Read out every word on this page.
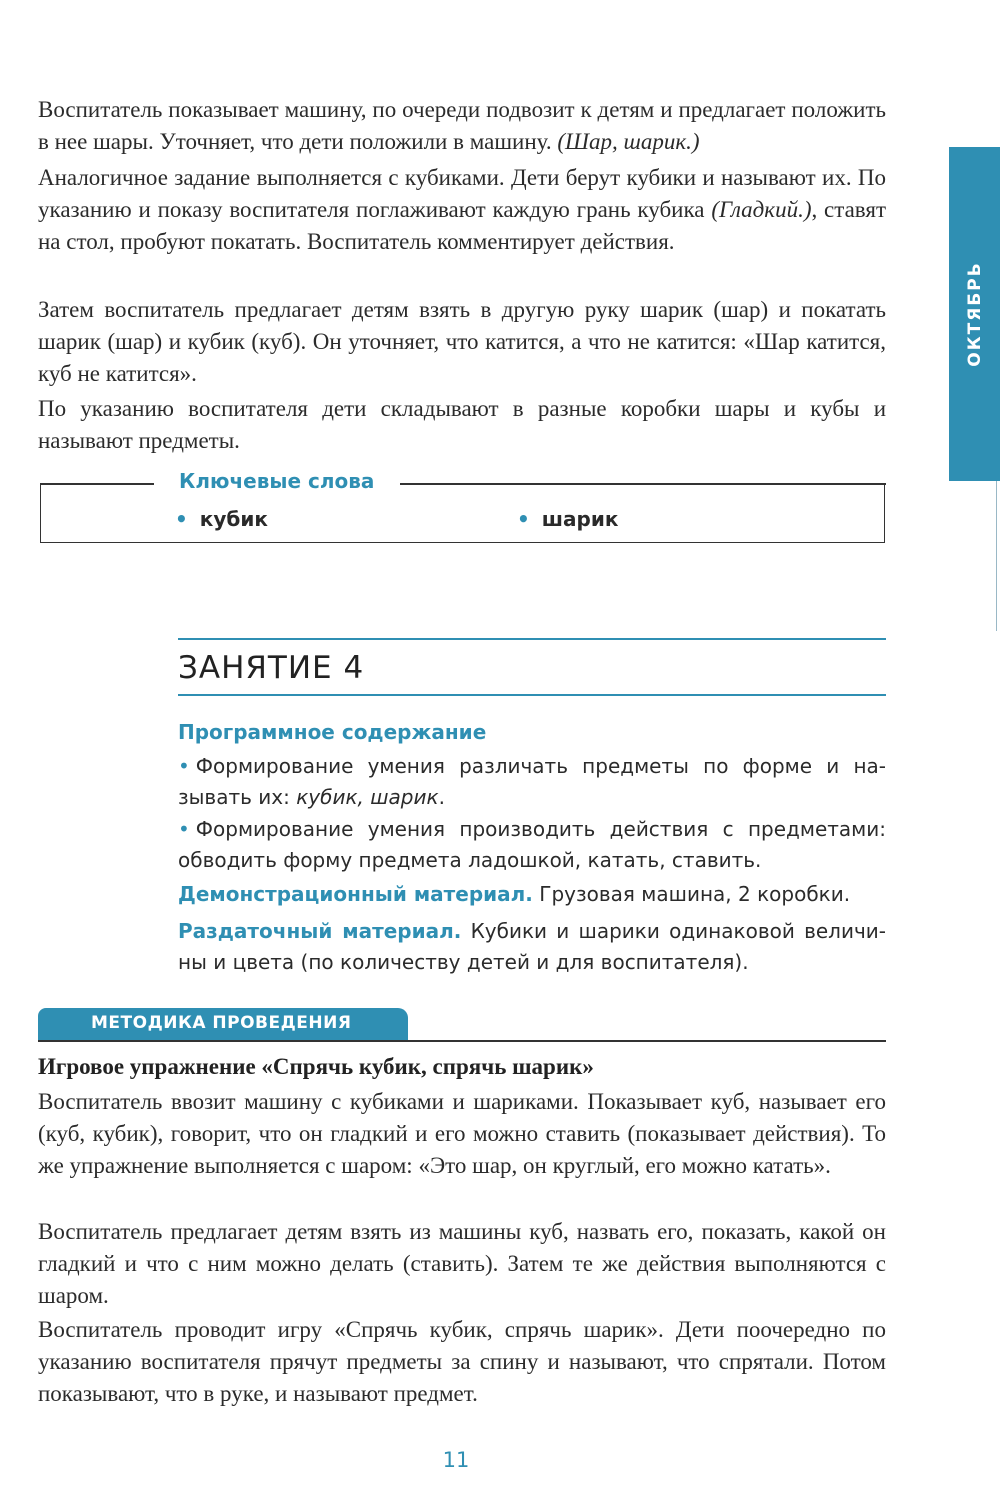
Воспитатель показывает машину, по очереди подвозит к детям и предлагает положить в нее шары. Уточняет, что дети положили в машину. (Шар, шарик.)

Аналогичное задание выполняется с кубиками. Дети берут кубики и называют их. По указанию и показу воспитателя поглаживают каждую грань кубика (Гладкий.), ставят на стол, пробуют покатать. Воспитатель комментирует действия.

Затем воспитатель предлагает детям взять в другую руку шарик (шар) и покатать шарик (шар) и кубик (куб). Он уточняет, что катится, а что не катится: «Шар катится, куб не катится».

По указанию воспитателя дети складывают в разные коробки шары и кубы и называют предметы.

ОКТЯБРЬ

Ключевые слова

• кубик	• шарик

ЗАНЯТИЕ 4

Программное содержание

• Формирование умения различать предметы по форме и называть их: кубик, шарик.

• Формирование умения производить действия с предметами: обводить форму предмета ладошкой, катать, ставить.

Демонстрационный материал. Грузовая машина, 2 коробки.

Раздаточный материал. Кубики и шарики одинаковой величины и цвета (по количеству детей и для воспитателя).

МЕТОДИКА ПРОВЕДЕНИЯ

Игровое упражнение «Спрячь кубик, спрячь шарик»

Воспитатель ввозит машину с кубиками и шариками. Показывает куб, называет его (куб, кубик), говорит, что он гладкий и его можно ставить (показывает действия). То же упражнение выполняется с шаром: «Это шар, он круглый, его можно катать».

Воспитатель предлагает детям взять из машины куб, назвать его, показать, какой он гладкий и что с ним можно делать (ставить). Затем те же действия выполняются с шаром.

Воспитатель проводит игру «Спрячь кубик, спрячь шарик». Дети поочередно по указанию воспитателя прячут предметы за спину и называют, что спрятали. Потом показывают, что в руке, и называют предмет.

11
